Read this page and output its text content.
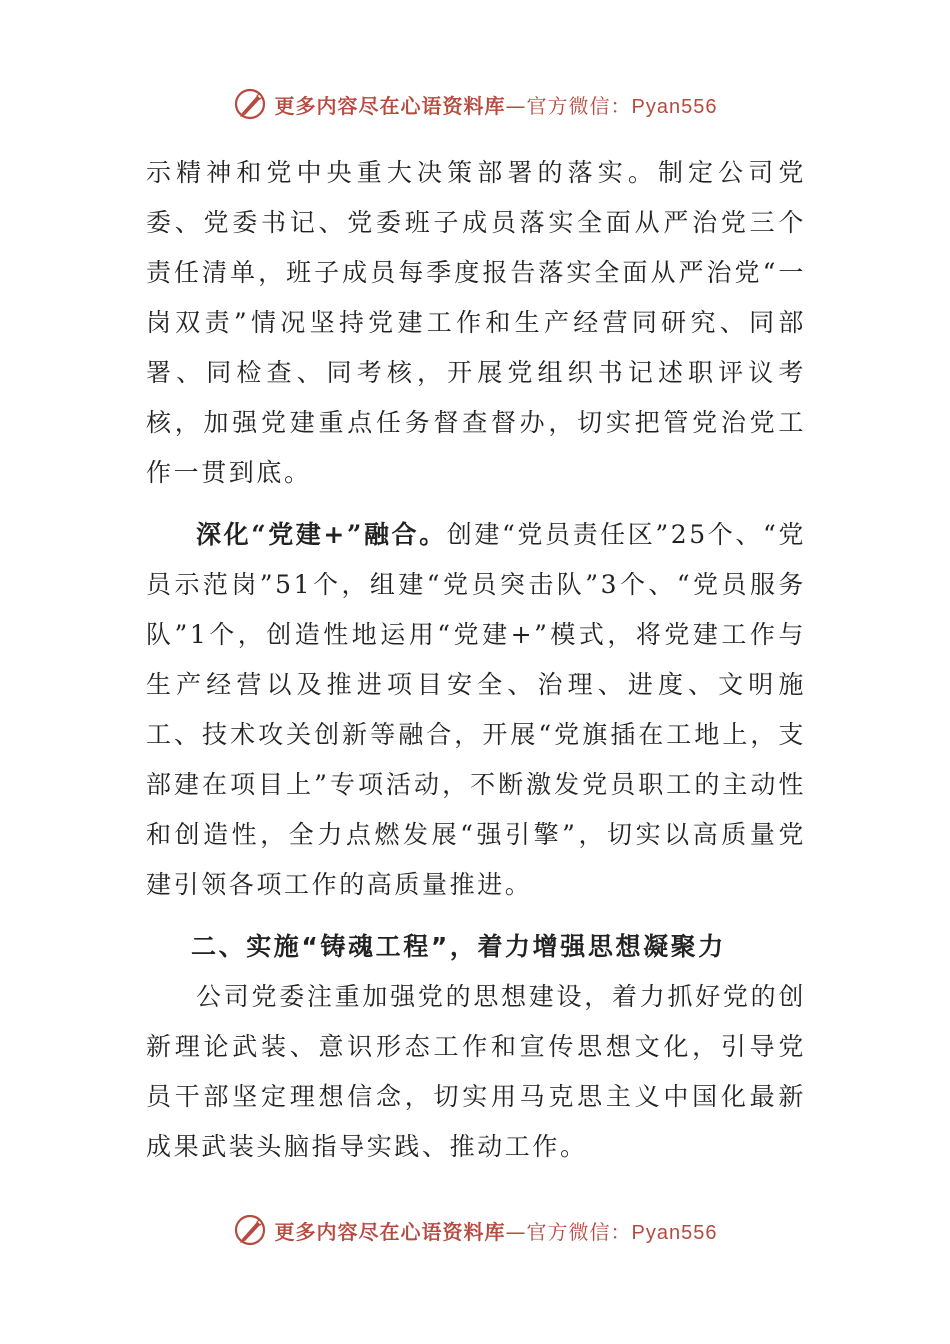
更多内容尽在心语资料库—官方微信：Pyan556

示精神和党中央重大决策部署的落实。制定公司党委、党委书记、党委班子成员落实全面从严治党三个责任清单，班子成员每季度报告落实全面从严治党“一岗双责”情况坚持党建工作和生产经营同研究、同部署、同检查、同考核，开展党组织书记述职评议考核，加强党建重点任务督查督办，切实把管党治党工作一贯到底。

深化“党建+”融合。创建“党员责任区”25个、“党员示范岗”51个，组建“党员突击队”3个、“党员服务队”1个，创造性地运用“党建+”模式，将党建工作与生产经营以及推进项目安全、治理、进度、文明施工、技术攻关创新等融合，开展“党旗插在工地上，支部建在项目上”专项活动，不断激发党员职工的主动性和创造性，全力点燃发展“强引擎”，切实以高质量党建引领各项工作的高质量推进。

二、实施“铸魂工程”，着力增强思想凝聚力

公司党委注重加强党的思想建设，着力抓好党的创新理论武装、意识形态工作和宣传思想文化，引导党员干部坚定理想信念，切实用马克思主义中国化最新成果武装头脑指导实践、推动工作。

更多内容尽在心语资料库—官方微信：Pyan556
